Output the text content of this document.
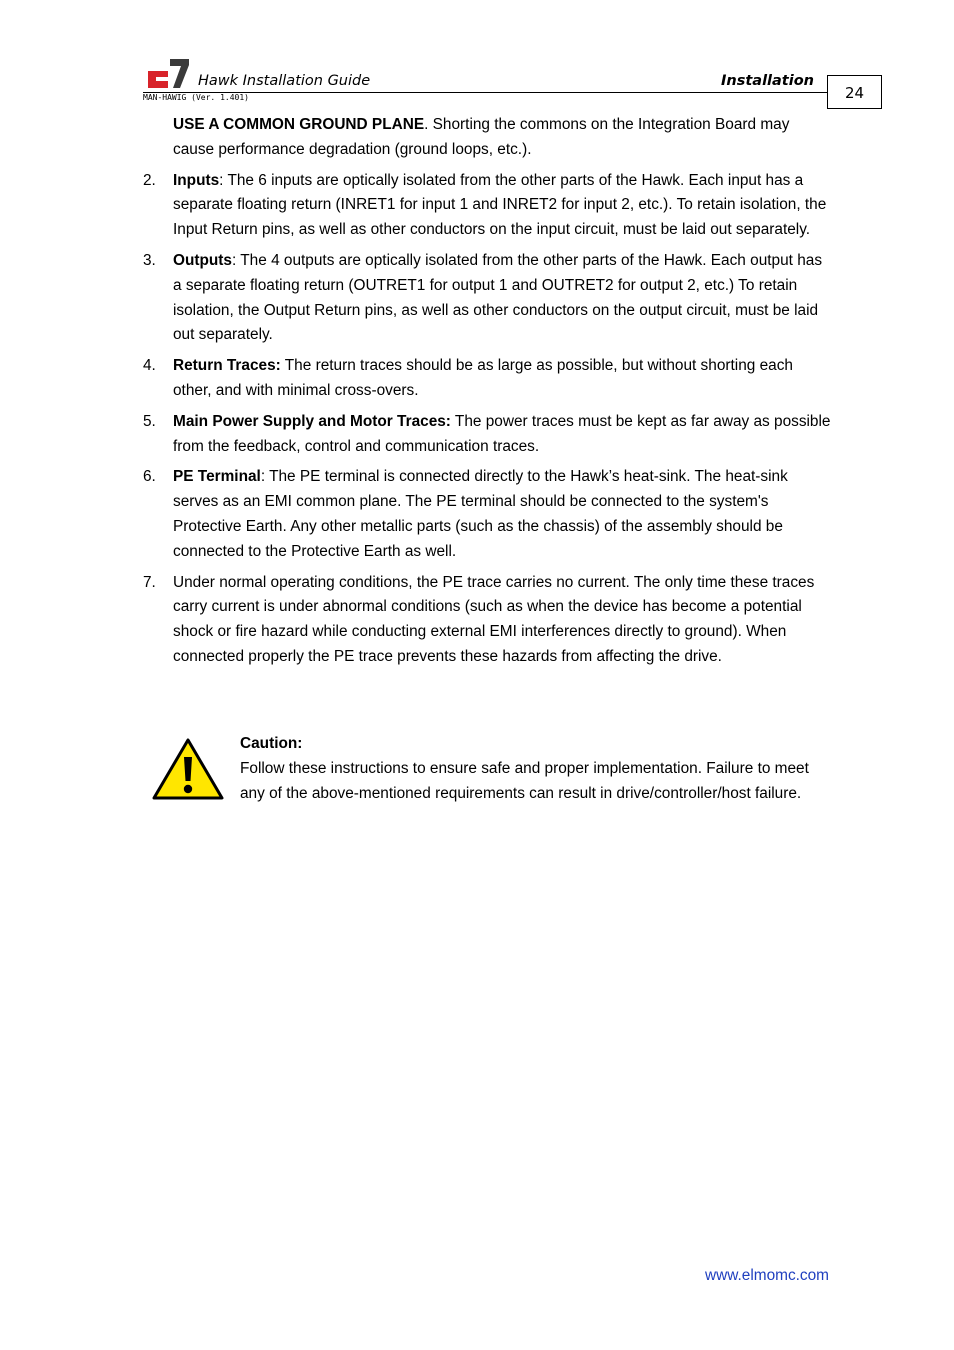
Hawk Installation Guide	Installation
MAN-HAWIG (Ver. 1.401)	24

USE A COMMON GROUND PLANE. Shorting the commons on the Integration Board may cause performance degradation (ground loops, etc.).

2.	Inputs: The 6 inputs are optically isolated from the other parts of the Hawk. Each input has a separate floating return (INRET1 for input 1 and INRET2 for input 2, etc.). To retain isolation, the Input Return pins, as well as other conductors on the input circuit, must be laid out separately.
3.	Outputs: The 4 outputs are optically isolated from the other parts of the Hawk. Each output has a separate floating return (OUTRET1 for output 1 and OUTRET2 for output 2, etc.) To retain isolation, the Output Return pins, as well as other conductors on the output circuit, must be laid out separately.
4.	Return Traces: The return traces should be as large as possible, but without shorting each other, and with minimal cross-overs.
5.	Main Power Supply and Motor Traces: The power traces must be kept as far away as possible from the feedback, control and communication traces.
6.	PE Terminal: The PE terminal is connected directly to the Hawk’s heat-sink. The heat-sink serves as an EMI common plane. The PE terminal should be connected to the system's Protective Earth. Any other metallic parts (such as the chassis) of the assembly should be connected to the Protective Earth as well.
7.	Under normal operating conditions, the PE trace carries no current. The only time these traces carry current is under abnormal conditions (such as when the device has become a potential shock or fire hazard while conducting external EMI interferences directly to ground). When connected properly the PE trace prevents these hazards from affecting the drive.
Caution:
Follow these instructions to ensure safe and proper implementation. Failure to meet any of the above-mentioned requirements can result in drive/controller/host failure.
www.elmomc.com
